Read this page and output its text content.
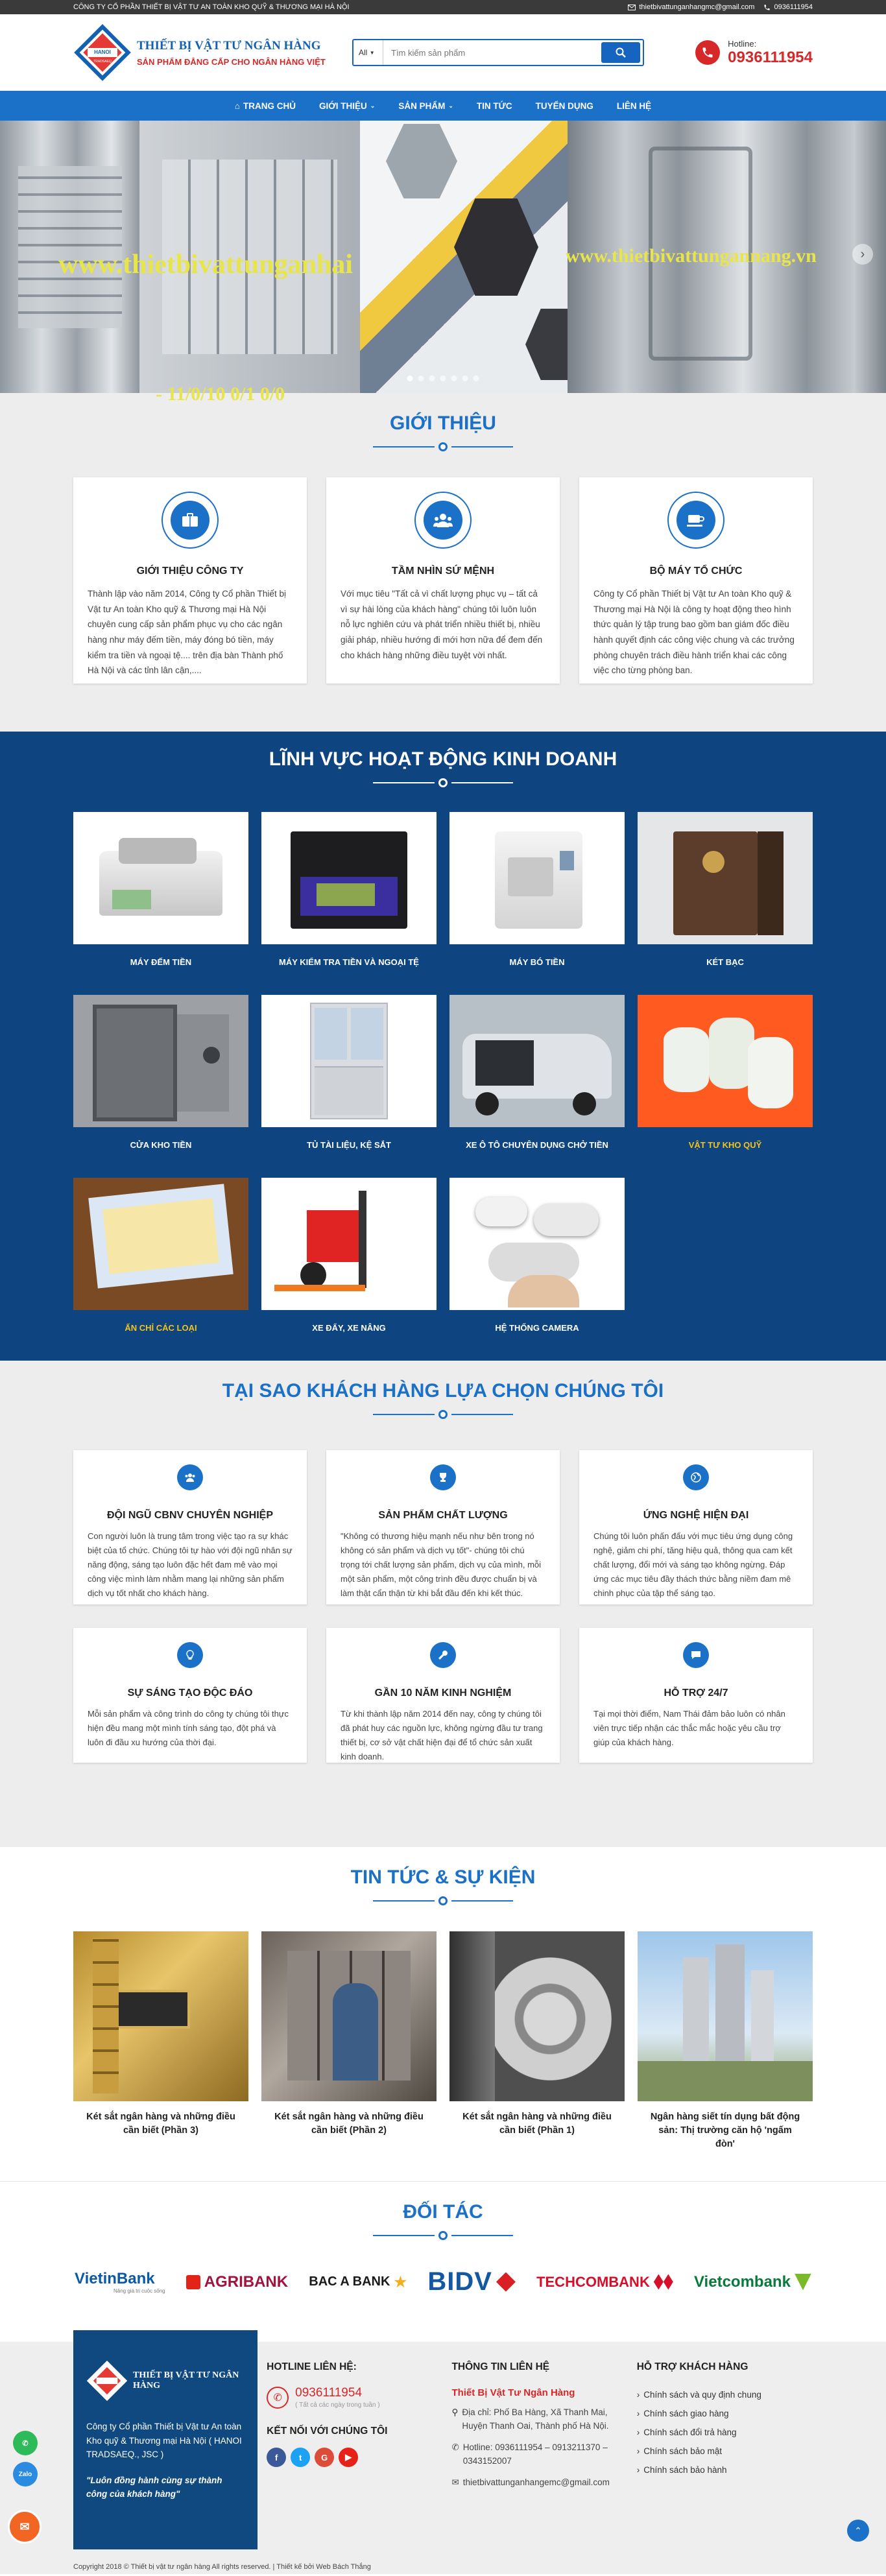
CÔNG TY CỔ PHẦN THIẾT BỊ VẬT TƯ AN TOÀN KHO QUỸ & THƯƠNG MẠI HÀ NỘI	thietbivattunganhangmc@gmail.com	0936111954
HANOI
TRADSAEQ
THIẾT BỊ VẬT TƯ NGÂN HÀNG
SẢN PHẨM ĐẲNG CẤP CHO NGÂN HÀNG VIỆT
All
▼
Tìm kiếm sản phẩm
Hotline:
0936111954
⌂ TRANG CHỦ	GIỚI THIỆU ⌄	SẢN PHẨM ⌄	TIN TỨC	TUYỂN DỤNG	LIÊN HỆ
www.thietbivattunganhai	www.thietbivattungannang.vn
- 11/0/10 0/1 0/0
›
GIỚI THIỆU
GIỚI THIỆU CÔNG TY

Thành lập vào năm 2014, Công ty Cổ phần Thiết bị Vật tư An toàn Kho quỹ & Thương mại Hà Nội chuyên cung cấp sản phẩm phục vụ cho các ngân hàng như máy đếm tiền, máy đóng bó tiền, máy kiểm tra tiền và ngoại tệ.... trên địa bàn Thành phố Hà Nội và các tỉnh lân cận,....

TẦM NHÌN SỨ MỆNH

Với mục tiêu "Tất cả vì chất lượng phục vụ – tất cả vì sự hài lòng của khách hàng" chúng tôi luôn luôn nỗ lực nghiên cứu và phát triển nhiều thiết bị, nhiều giải pháp, nhiều hướng đi mới hơn nữa để đem đến cho khách hàng những điều tuyệt vời nhất.

BỘ MÁY TỔ CHỨC

Công ty Cổ phần Thiết bị Vật tư An toàn Kho quỹ & Thương mại Hà Nội là công ty hoạt động theo hình thức quản lý tập trung bao gồm ban giám đốc điều hành quyết định các công việc chung và các trưởng phòng chuyên trách điều hành triển khai các công việc cho từng phòng ban.

LĨNH VỰC HOẠT ĐỘNG KINH DOANH
MÁY ĐẾM TIỀN	MÁY KIỂM TRA TIỀN VÀ NGOẠI TỆ	MÁY BÓ TIỀN	KÉT BẠC
CỬA KHO TIỀN	TỦ TÀI LIỆU, KỆ SẮT	XE Ô TÔ CHUYÊN DỤNG CHỞ TIỀN	VẬT TƯ KHO QUỸ
ẤN CHỈ CÁC LOẠI	XE ĐẨY, XE NÂNG	HỆ THỐNG CAMERA
TẠI SAO KHÁCH HÀNG LỰA CHỌN CHÚNG TÔI
ĐỘI NGŨ CBNV CHUYÊN NGHIỆP

Con người luôn là trung tâm trong việc tạo ra sự khác biệt của tổ chức. Chúng tôi tự hào với đội ngũ nhân sự năng động, sáng tạo luôn đặc hết đam mê vào mọi công việc mình làm nhằm mang lại những sản phẩm dịch vụ tốt nhất cho khách hàng.

SẢN PHẨM CHẤT LƯỢNG

"Không có thương hiệu mạnh nếu như bên trong nó không có sản phẩm và dịch vụ tốt"- chúng tôi chú trọng tới chất lượng sản phẩm, dịch vụ của mình, mỗi một sản phẩm, một công trình đều được chuẩn bị và làm thật cẩn thận từ khi bắt đầu đến khi kết thúc.

ỨNG NGHỆ HIỆN ĐẠI

Chúng tôi luôn phấn đấu với mục tiêu ứng dụng công nghệ, giảm chi phí, tăng hiệu quả, thông qua cam kết chất lượng, đổi mới và sáng tạo không ngừng. Đáp ứng các mục tiêu đầy thách thức bằng niềm đam mê chinh phục của tập thể sáng tạo.

SỰ SÁNG TẠO ĐỘC ĐÁO

Mỗi sản phẩm và công trình do công ty chúng tôi thực hiện đều mang một mình tính sáng tạo, đột phá và luôn đi đầu xu hướng của thời đại.

GẦN 10 NĂM KINH NGHIỆM

Từ khi thành lập năm 2014 đến nay, công ty chúng tôi đã phát huy các nguồn lực, không ngừng đầu tư trang thiết bị, cơ sở vật chất hiện đại để tổ chức sản xuất kinh doanh.

HỖ TRỢ 24/7

Tại mọi thời điểm, Nam Thái đảm bảo luôn có nhân viên trực tiếp nhận các thắc mắc hoặc yêu cầu trợ giúp của khách hàng.

TIN TỨC & SỰ KIỆN
Két sắt ngân hàng và những điều cần biết (Phần 3)
Két sắt ngân hàng và những điều cần biết (Phần 2)
Két sắt ngân hàng và những điều cần biết (Phần 1)
Ngân hàng siết tín dụng bất động sản: Thị trường căn hộ 'ngấm đòn'
ĐỐI TÁC
VietinBank
Nâng giá trị cuộc sống
AGRIBANK BAC A BANK ★ BIDV	TECHCOMBANK	Vietcombank
THIẾT BỊ VẬT TƯ NGÂN HÀNG

Công ty Cổ phần Thiết bị Vật tư An toàn Kho quỹ & Thương mại Hà Nội ( HANOI TRADSAEQ., JSC )

"Luôn đồng hành cùng sự thành công của khách hàng"

HOTLINE LIÊN HỆ:
✆	0936111954
( Tất cả các ngày trong tuần )
KẾT NỐI VỚI CHÚNG TÔI
f	t	G	▶
THÔNG TIN LIÊN HỆ
Thiết Bị Vật Tư Ngân Hàng
⚲ Địa chỉ: Phố Ba Hàng, Xã Thanh Mai, Huyện Thanh Oai, Thành phố Hà Nội.
✆ Hotline: 0936111954 – 0913211370 – 0343152007
✉ thietbivattunganhangemc@gmail.com
HỖ TRỢ KHÁCH HÀNG
› Chính sách và quy định chung
› Chính sách giao hàng
› Chính sách đổi trả hàng
› Chính sách bảo mật
› Chính sách bảo hành
Copyright 2018 © Thiết bị vật tư ngân hàng All rights reserved. | Thiết kế bởi Web Bách Thắng
⌃
✆
Zalo
✉
